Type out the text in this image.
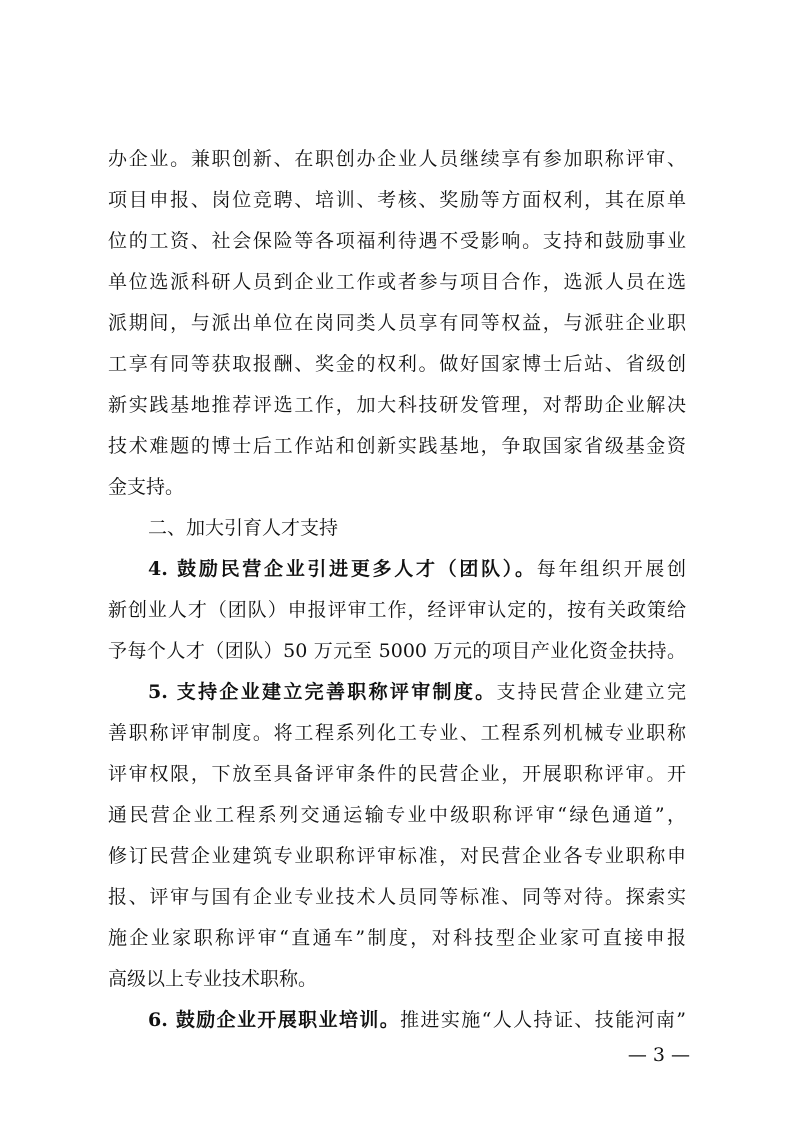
办企业。兼职创新、在职创办企业人员继续享有参加职称评审、
项目申报、岗位竞聘、培训、考核、奖励等方面权利，其在原单
位的工资、社会保险等各项福利待遇不受影响。支持和鼓励事业
单位选派科研人员到企业工作或者参与项目合作，选派人员在选
派期间，与派出单位在岗同类人员享有同等权益，与派驻企业职
工享有同等获取报酬、奖金的权利。做好国家博士后站、省级创
新实践基地推荐评选工作，加大科技研发管理，对帮助企业解决
技术难题的博士后工作站和创新实践基地，争取国家省级基金资
金支持。
二、加大引育人才支持
4. 鼓励民营企业引进更多人才（团队）。每年组织开展创
新创业人才（团队）申报评审工作，经评审认定的，按有关政策给
予每个人才（团队）50 万元至 5000 万元的项目产业化资金扶持。
5. 支持企业建立完善职称评审制度。支持民营企业建立完
善职称评审制度。将工程系列化工专业、工程系列机械专业职称
评审权限，下放至具备评审条件的民营企业，开展职称评审。开
通民营企业工程系列交通运输专业中级职称评审“绿色通道”，
修订民营企业建筑专业职称评审标准，对民营企业各专业职称申
报、评审与国有企业专业技术人员同等标准、同等对待。探索实
施企业家职称评审“直通车”制度，对科技型企业家可直接申报
高级以上专业技术职称。
6. 鼓励企业开展职业培训。推进实施“人人持证、技能河南”
— 3 —
